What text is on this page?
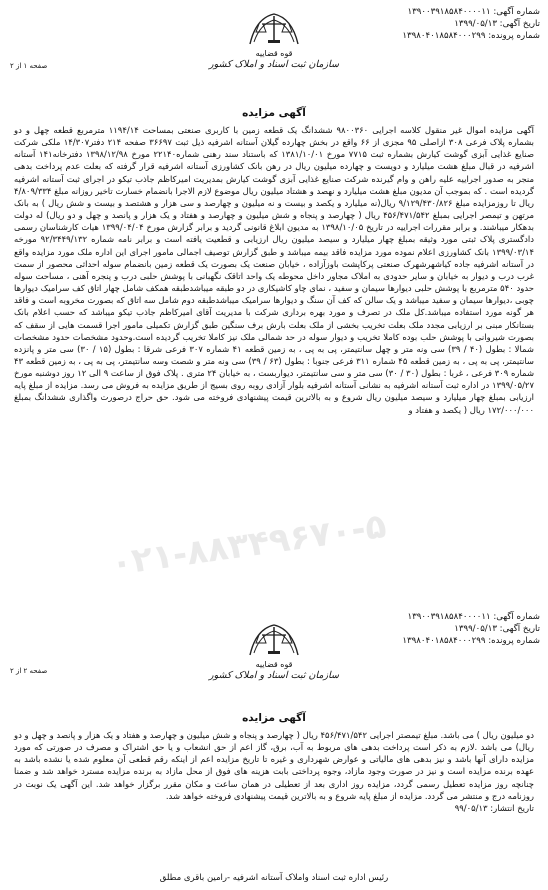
شماره آگهی: ۱۳۹۰۰۳۹۱۸۵۸۴۰۰۰۰۱۱
تاریخ آگهی: ۱۳۹۹/۰۵/۱۳
شماره پرونده: ۱۳۹۸۰۴۰۱۸۵۸۴۰۰۰۲۹۹
قوه قضاییه
سازمان ثبت اسناد و املاک کشور
صفحه ۱ از ۲
آگهی مزایده

آگهی مزایده اموال غیر منقول کلاسه اجرایی ۹۸۰۰۳۶۰ ششدانگ یک قطعه زمین با کاربری صنعتی بمساحت ۱۱۹۴/۱۴ مترمربع قطعه چهل و دو بشماره پلاک فرعی ۳۰۸ ازاصلی ۹۵ مجزی از ۶۶ واقع در بخش چهارده گیلان آستانه اشرفیه ذیل ثبت ۳۶۶۹۷ صفحه ۲۱۴ دفتر۱۴/۳۰۷ ملکی شرکت صنایع غذایی آبزی گوشت کیارش بشماره ثبت ۷۷۱۵ مورخ ۱۳۸۱/۱۰/۰۱ که باستناد سند رهنی شماره۲۲۱۴۰ مورخ ۱۳۹۸/۱۲/۹۸ دفترخانه۱۴۱ آستانه اشرفیه در قبال مبلغ هشت میلیارد و دویست و چهارده میلیون ریال در رهن بانک کشاورزی آستانه اشرفیه قرار گرفته که بعلت عدم پرداخت بدهی منجر به صدور اجراییه علیه راهن و وام گیرنده شرکت صنایع غذایی آبزی گوشت کیارش بمدیریت امیرکاظم جاذب تیکو در اجرای ثبت آستانه اشرفیه گردیده است . که بموجب آن مدیون مبلغ هشت میلیارد و نهصد و هشتاد میلیون ریال موضوع لازم الاجرا بانضمام خسارت تاخیر روزانه مبلغ ۴/۸۰۹/۳۳۴ ریال تا روزمزایده مبلغ ۹/۱۲۹/۴۳۰/۸۲۶ ریال(نه میلیارد و یکصد و بیست و نه میلیون و چهارصد و سی هزار و هشتصد و بیست و شش ریال ) به بانک مرتهن و تیمصر اجرایی بمبلغ ۴۵۶/۴۷۱/۵۴۲ ریال ( چهارصد و پنجاه و شش میلیون و چهارصد و هفتاد و یک هزار و پانصد و چهل و دو ریال) له دولت بدهکار میباشند. و برابر مقررات اجراییه در تاریخ ۱۳۹۸/۱۰/۰۵ به مدیون ابلاغ قانونی گردید و برابر گزارش مورخ ۱۳۹۹/۰۴/۰۴ هیات کارشناسان رسمی دادگستری پلاک ثبتی مورد وثیقه بمبلغ چهار میلیارد و سیصد میلیون ریال ارزیابی و قطعیت یافته است و برابر نامه شماره ۹۲/۳۴۴۹/۱۳۲ مورخه ۱۳۹۹/۰۳/۱۴ بانک کشاورزی اعلام نموده مورد مزایده فاقد بیمه میباشد و طبق گزارش توصیف اجمالی مامور اجرای این اداره ملک مورد مزایده واقع در آستانه اشرفیه جاده کیاشهرشهرک صنعتی پرکاپشت باوزآزاده ، خیابان صنعت یک بصورت یک قطعه زمین بانضمام سوله احداثی محصور از سمت غرب درب و دیوار به خیابان و سایر حدودی به املاک مجاور داخل محوطه یک واحد اتاقک نگهبانی با پوشش حلبی درب و پنجره آهنی ، مساحت سوله حدود ۵۴۰ مترمربع با پوشش حلبی دیوارها سیمان و سفید ، نمای چاو کاشیکاری در دو طبقه میباشدطبقه همکف شامل چهار اتاق کف سرامیک دیوارها چوبی ،دیوارها سیمان و سفید میباشد و یک سالن که کف آن سنگ و دیوارها سرامیک میباشدطبقه دوم شامل سه اتاق که بصورت مخروبه است و فاقد هر گونه مورد استفاده میباشد.کل ملک در تصرف و مورد بهره برداری شرکت با مدیریت آقای امیرکاظم جاذب تیکو میباشد که حسب اعلام بانک بستانکار مبنی بر ارزیابی مجدد ملک بعلت تخریب بخشی از ملک بعلت بارش برف سنگین طبق گزارش تکمیلی مامور اجرا قسمت هایی از سقف که بصورت شیروانی با پوشش حلب بوده کاملا تخریب و دیوار سوله در حد شمالی ملک نیز کاملا تخریب گردیده است.وحدود مشخصات حدود مشخصات شمالا : بطول (۴۰ / ۳۹) سی ونه متر و چهل سانتیمتر، پی به پی ، به زمین قطعه ۴۱ شماره ۳۰۷ فرعی شرقا : بطول (۱۵ / ۳۰) سی متر و پانزده سانتیمتر، پی به پی ، به زمین قطعه ۴۵ شماره ۳۱۱ فرعی جنوبا : بطول (۶۳ / ۳۹) سی ونه متر و شصت وسه سانتیمتر، پی به پی ، به زمین قطعه ۴۳ شماره ۳۰۹ فرعی ، غربا : بطول (۳۰ / ۳۰) سی متر و سی سانتیمتر، دیواربست ، به خیابان ۲۴ متری . پلاک فوق از ساعت ۹ الی ۱۲ روز دوشنبه مورخ ۱۳۹۹/۰۵/۲۷ در اداره ثبت آستانه اشرفیه به نشانی آستانه اشرفیه بلوار آزادی روبه روی بسیج از طریق مزایده به فروش می رسد. مزایده از مبلغ پایه ارزیابی بمبلغ چهار میلیارد و سیصد میلیون ریال شروع و به بالاترین قیمت پیشنهادی فروخته می شود. حق حراج درصورت واگذاری ششدانگ بمبلغ ۱۷۲/۰۰۰/۰۰۰ ریال ( یکصد و هفتاد و

۰۲۱-۸۸۳۴۹۶۷۰-۵
شماره آگهی: ۱۳۹۰۰۳۹۱۸۵۸۴۰۰۰۰۱۱
تاریخ آگهی: ۱۳۹۹/۰۵/۱۳
شماره پرونده: ۱۳۹۸۰۴۰۱۸۵۸۴۰۰۰۲۹۹
قوه قضاییه
سازمان ثبت اسناد و املاک کشور
صفحه ۲ از ۲
آگهی مزایده

دو میلیون ریال ) می باشد. مبلغ تیمصتر اجرایی ۴۵۶/۴۷۱/۵۴۲ ریال ( چهارصد و پنجاه و شش میلیون و چهارصد و هفتاد و یک هزار و پانصد و چهل و دو ریال) می باشد .لازم به ذکر است پرداخت بدهی های مربوط به آب، برق، گاز اعم از حق انشعاب و یا حق اشتراک و مصرف در صورتی که مورد مزایده دارای آنها باشد و نیز بدهی های مالیاتی و عوارض شهرداری و غیره تا تاریخ مزایده اعم از اینکه رقم قطعی آن معلوم شده یا نشده باشد به عهده برنده مزایده است و نیز در صورت وجود مازاد، وجوه پرداختی بابت هزینه های فوق از محل مازاد به برنده مزایده مسترد خواهد شد و ضمنا چنانچه روز مزایده تعطیل رسمی گردد، مزایده روز اداری بعد از تعطیلی در همان ساعت و مکان مقرر برگزار خواهد شد. این آگهی یک نوبت در روزنامه درج و منتشر می گردد. مزایده از مبلغ پایه شروع و به بالاترین قیمت پیشنهادی فروخته خواهد شد.

تاریخ انتشار: ۹۹/۰۵/۱۳

رئیس اداره ثبت اسناد واملاک آستانه اشرفیه -رامین باقری مطلق
